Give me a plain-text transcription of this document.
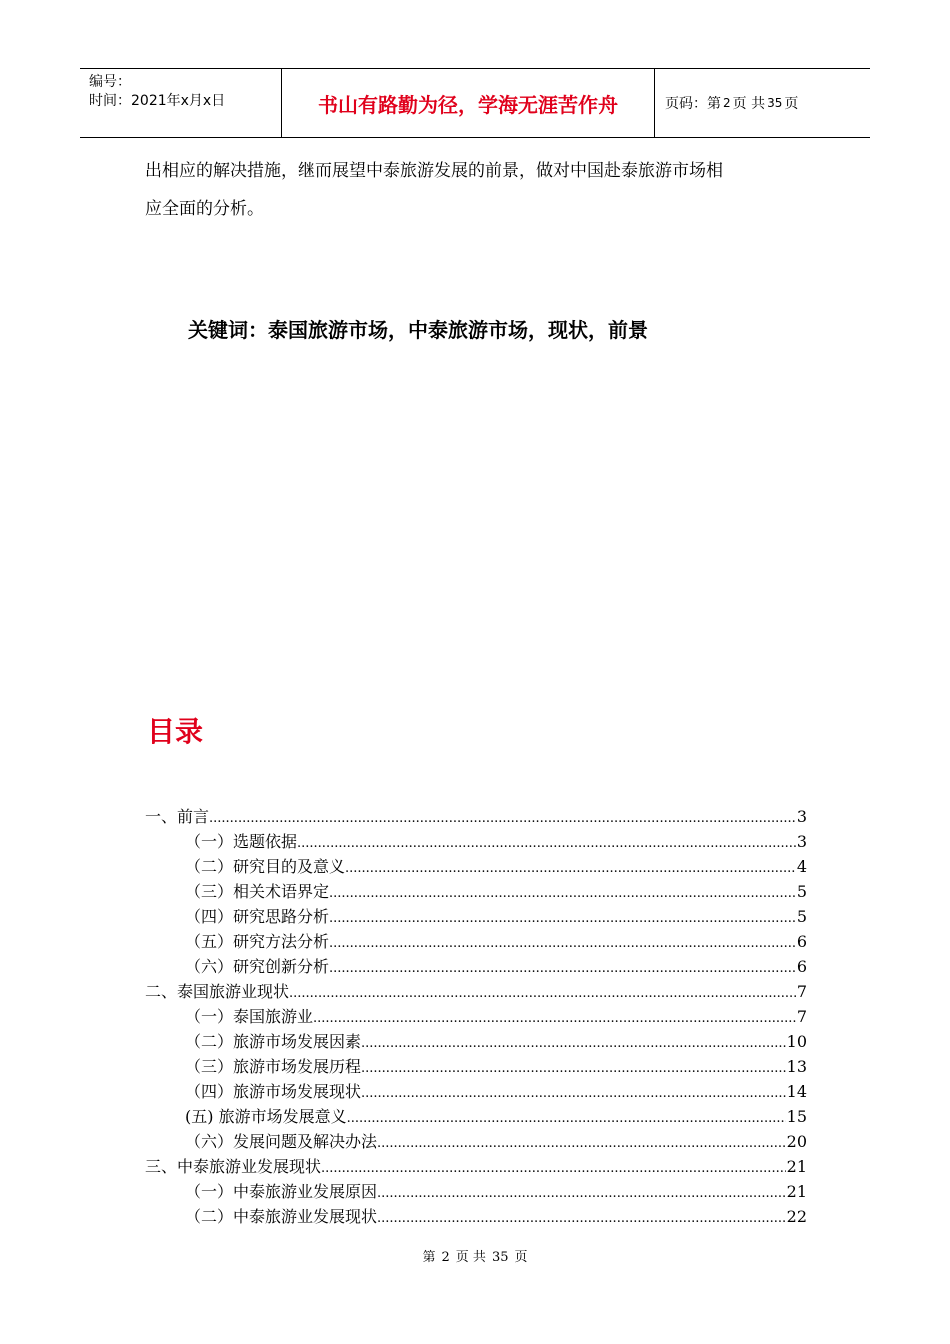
编号：
时间：2021年x月x日	书山有路勤为径，学海无涯苦作舟	页码：第 2 页 共 35 页
出相应的解决措施，继而展望中泰旅游发展的前景，做对中国赴泰旅游市场相
应全面的分析。
关键词：泰国旅游市场，中泰旅游市场，现状，前景
目录
一、前言 .....	3
（一）选题依据 .....	3
（二）研究目的及意义 .....	4
（三）相关术语界定 .....	5
（四）研究思路分析 .....	5
（五）研究方法分析 .....	6
（六）研究创新分析 .....	6
二、泰国旅游业现状 .....	7
（一）泰国旅游业 .....	7
（二）旅游市场发展因素 .....	10
（三）旅游市场发展历程 .....	13
（四）旅游市场发展现状 .....	14
(五) 旅游市场发展意义 .....	15
（六）发展问题及解决办法 .....	20
三、中泰旅游业发展现状 .....	21
（一）中泰旅游业发展原因 .....	21
（二）中泰旅游业发展现状 .....	22
第 2 页 共 35 页
